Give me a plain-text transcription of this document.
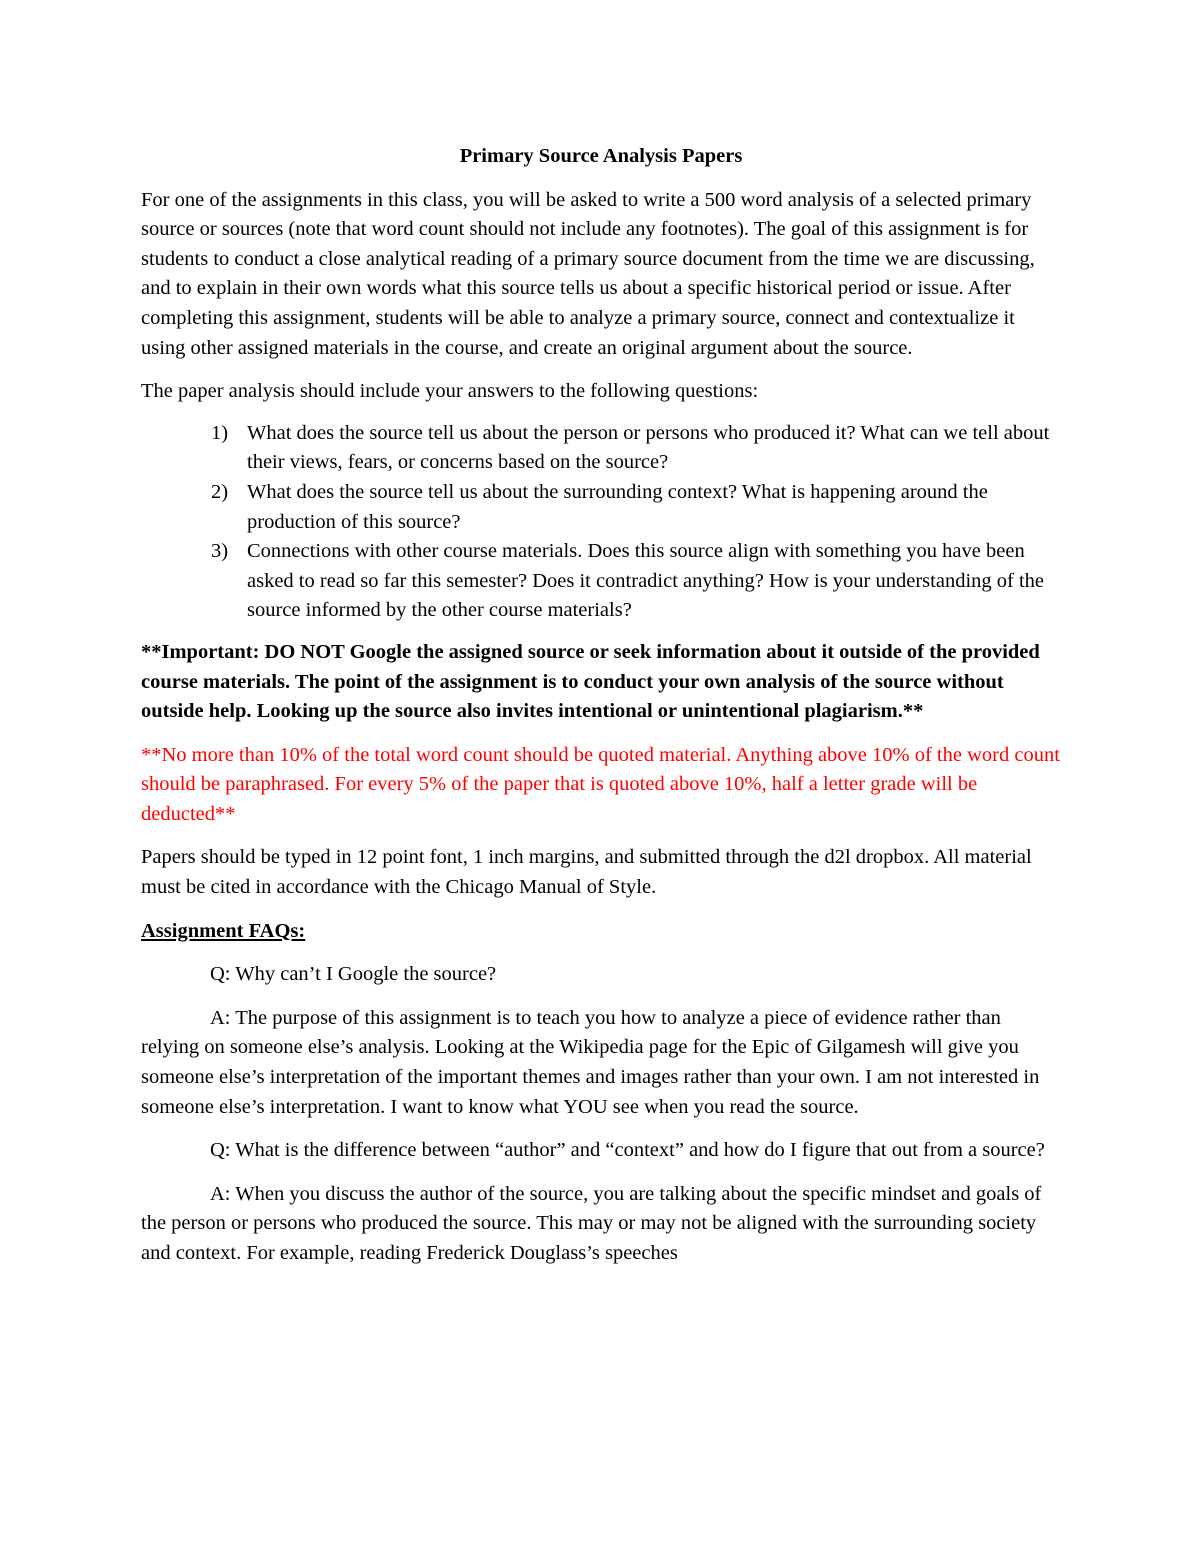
Primary Source Analysis Papers

For one of the assignments in this class, you will be asked to write a 500 word analysis of a selected primary source or sources (note that word count should not include any footnotes). The goal of this assignment is for students to conduct a close analytical reading of a primary source document from the time we are discussing, and to explain in their own words what this source tells us about a specific historical period or issue. After completing this assignment, students will be able to analyze a primary source, connect and contextualize it using other assigned materials in the course, and create an original argument about the source.

The paper analysis should include your answers to the following questions:

1) What does the source tell us about the person or persons who produced it? What can we tell about their views, fears, or concerns based on the source?
2) What does the source tell us about the surrounding context? What is happening around the production of this source?
3) Connections with other course materials. Does this source align with something you have been asked to read so far this semester? Does it contradict anything? How is your understanding of the source informed by the other course materials?

**Important: DO NOT Google the assigned source or seek information about it outside of the provided course materials. The point of the assignment is to conduct your own analysis of the source without outside help. Looking up the source also invites intentional or unintentional plagiarism.**

**No more than 10% of the total word count should be quoted material. Anything above 10% of the word count should be paraphrased. For every 5% of the paper that is quoted above 10%, half a letter grade will be deducted**

Papers should be typed in 12 point font, 1 inch margins, and submitted through the d2l dropbox. All material must be cited in accordance with the Chicago Manual of Style.

Assignment FAQs:

Q: Why can’t I Google the source?

A: The purpose of this assignment is to teach you how to analyze a piece of evidence rather than relying on someone else’s analysis. Looking at the Wikipedia page for the Epic of Gilgamesh will give you someone else’s interpretation of the important themes and images rather than your own. I am not interested in someone else’s interpretation. I want to know what YOU see when you read the source.

Q: What is the difference between “author” and “context” and how do I figure that out from a source?

A: When you discuss the author of the source, you are talking about the specific mindset and goals of the person or persons who produced the source. This may or may not be aligned with the surrounding society and context. For example, reading Frederick Douglass’s speeches
